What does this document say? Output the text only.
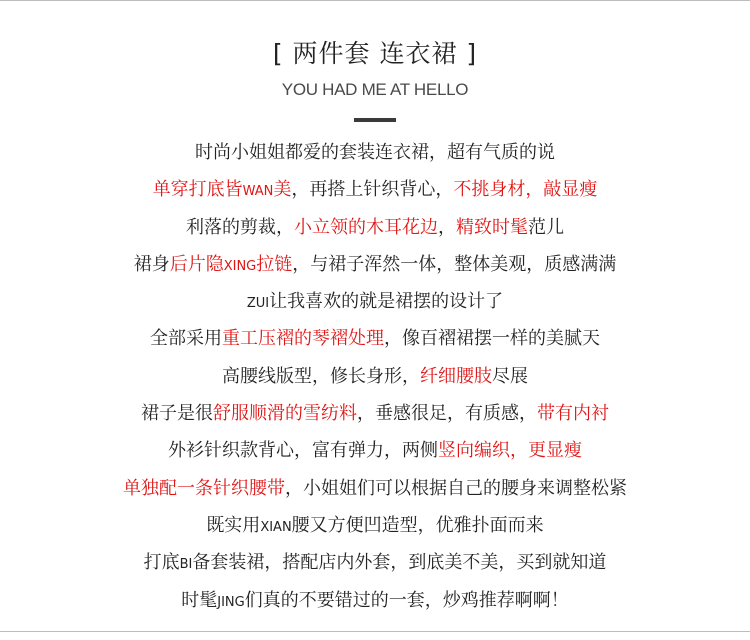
[ 两件套 连衣裙 ]
YOU HAD ME AT HELLO
时尚小姐姐都爱的套装连衣裙，超有气质的说
单穿打底皆WAN美，再搭上针织背心，不挑身材，敲显瘦
利落的剪裁，小立领的木耳花边，精致时髦范儿
裙身后片隐XING拉链，与裙子浑然一体，整体美观，质感满满
ZUI让我喜欢的就是裙摆的设计了
全部采用重工压褶的琴褶处理，像百褶裙摆一样的美腻天
高腰线版型，修长身形，纤细腰肢尽展
裙子是很舒服顺滑的雪纺料，垂感很足，有质感，带有内衬
外衫针织款背心，富有弹力，两侧竖向编织，更显瘦
单独配一条针织腰带，小姐姐们可以根据自己的腰身来调整松紧
既实用XIAN腰又方便凹造型，优雅扑面而来
打底BI备套装裙，搭配店内外套，到底美不美，买到就知道
时髦JING们真的不要错过的一套，炒鸡推荐啊啊！
